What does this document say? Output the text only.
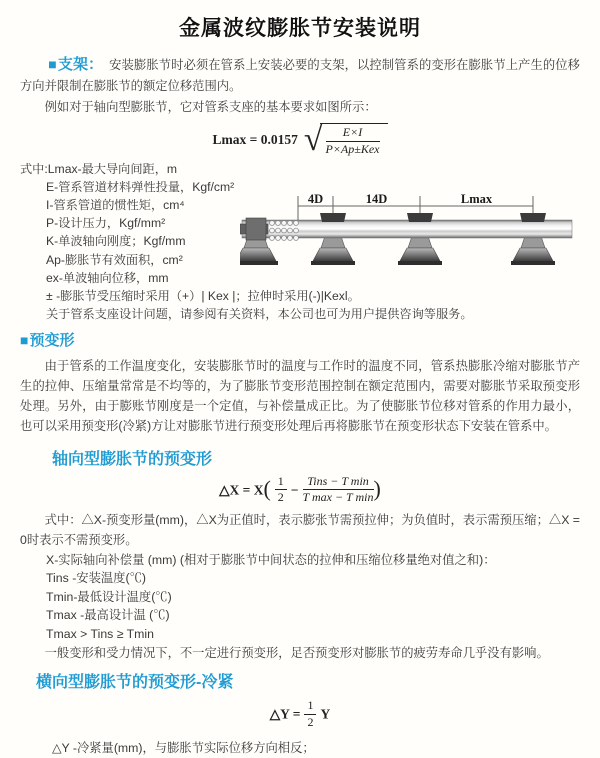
金属波纹膨胀节安装说明

■支架： 安装膨胀节时必须在管系上安装必要的支架，以控制管系的变形在膨胀节上产生的位移方向并限制在膨胀节的额定位移范围内。

例如对于轴向型膨胀节，它对管系支座的基本要求如图所示：

Lmax = 0.0157 √	E×I
P×Ap±Kex

式中:Lmax-最大导向间距，m

E-管系管道材料弹性投量，Kgf/cm²

I-管系管道的惯性矩，cm⁴

P-设计压力，Kgf/mm²

K-单波轴向刚度；Kgf/mm

Ap-膨胀节有效面积，cm²

ex-单波轴向位移，mm

± -膨胀节受压缩时采用（+）| Kex |；拉伸时采用(-)|Kexl。

关于管系支座设计问题，请参阅有关资料，本公司也可为用户提供咨询等服务。

4D	14D	Lmax

■预变形

由于管系的工作温度变化，安装膨胀节时的温度与工作时的温度不同，管系热膨胀冷缩对膨胀节产生的拉伸、压缩量常常是不均等的，为了膨胀节变形范围控制在额定范围内，需要对膨胀节采取预变形处理。另外，由于膨账节刚度是一个定值，与补偿量成正比。为了使膨胀节位移对管系的作用力最小，也可以采用预变形(冷紧)方让对膨胀节进行预变形处理后再将膨胀节在预变形状态下安装在管系中。

轴向型膨胀节的预变形
△X = $X( \frac{1}{2}$ −
Tins − T min
T max − T min )

式中：△X-预变形量(mm)，△X为正值时，表示膨张节需预拉伸；为负值时，表示需预压缩；△X = 0时表示不需预变形。

X-实际轴向补偿量 (mm) (相对于膨胀节中间状态的拉伸和压缩位移量绝对值之和)：

Tins -安装温度(℃)

Tmin-最低设计温度(℃)

Tmax -最高设计温 (℃)

Tmax > Tins ≥ Tmin

一般变形和受力情况下，不一定进行预变形，足否预变形对膨胀节的疲劳寿命几乎没有影响。

横向型膨胀节的预变形-冷紧
△Y = $\frac{1}{2}$ Y

△Y -冷紧量(mm)，与膨胀节实际位移方向相反；
